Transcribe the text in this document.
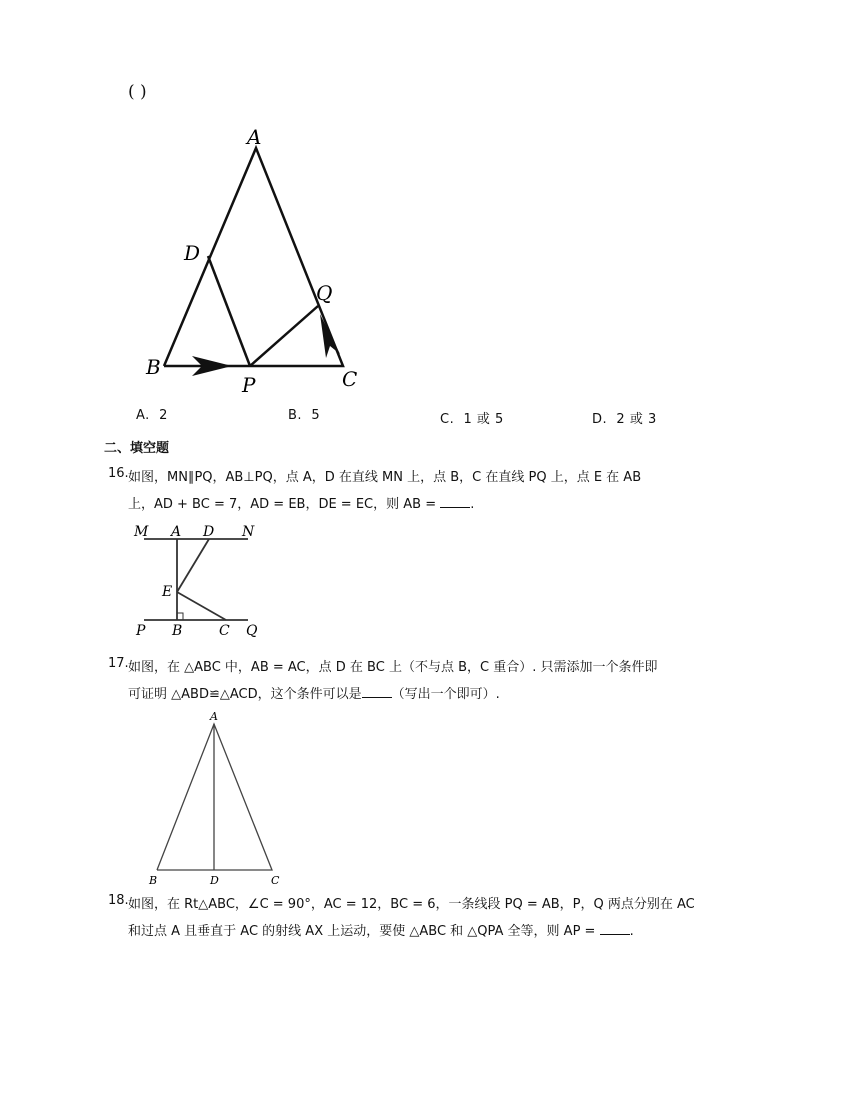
( )
A
D
Q
B
P	C
A. 2	B. 5	C. 1 或 5	D. 2 或 3
二、填空题
16. 如图，MN∥PQ，AB⊥PQ，点 A，D 在直线 MN 上，点 B，C 在直线 PQ 上，点 E 在 AB
上，AD + BC = 7，AD = EB，DE = EC，则 AB = .
M A D N
E
P B	C Q
17. 如图，在 △ABC 中，AB = AC，点 D 在 BC 上（不与点 B，C 重合）. 只需添加一个条件即
可证明 △ABD≌△ACD，这个条件可以是 （写出一个即可）.
A
B	D	C
18. 如图，在 Rt△ABC，∠C = 90°，AC = 12，BC = 6，一条线段 PQ = AB，P，Q 两点分别在 AC
和过点 A 且垂直于 AC 的射线 AX 上运动，要使 △ABC 和 △QPA 全等，则 AP = .
